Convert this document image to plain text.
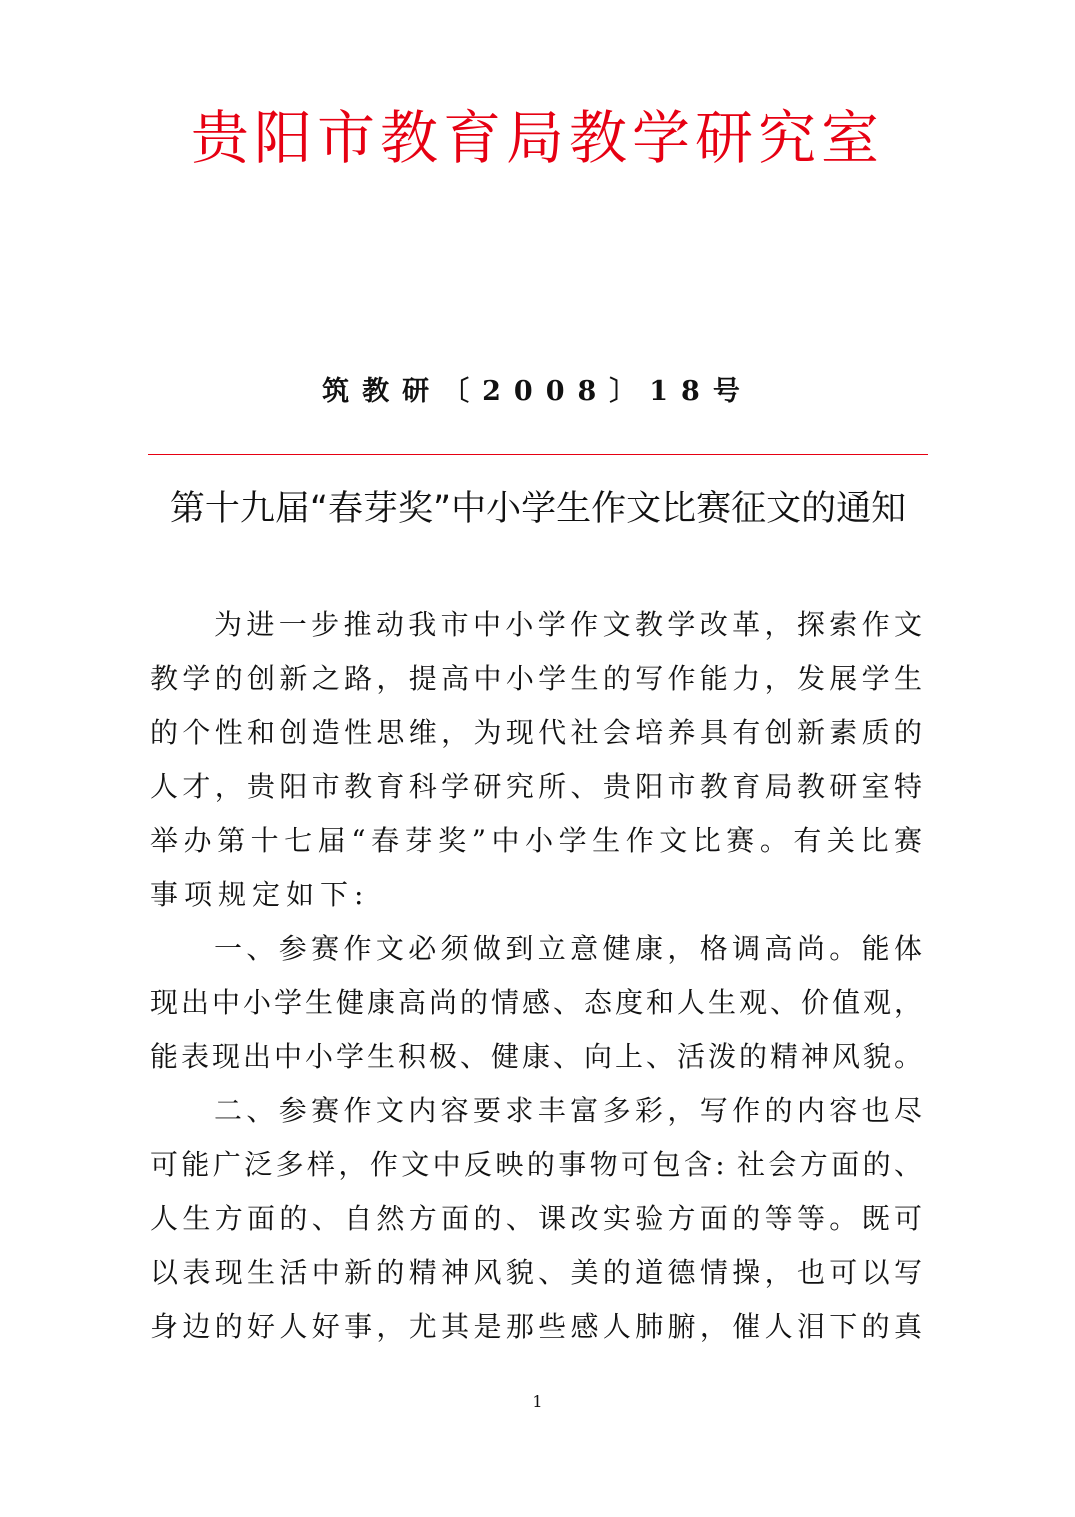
贵阳市教育局教学研究室
筑教研〔2008〕18号
第十九届“春芽奖”中小学生作文比赛征文的通知
为进一步推动我市中小学作文教学改革，探索作文
教学的创新之路，提高中小学生的写作能力，发展学生
的个性和创造性思维，为现代社会培养具有创新素质的
人才，贵阳市教育科学研究所、贵阳市教育局教研室特
举办第十七届“春芽奖”中小学生作文比赛。有关比赛
事项规定如下:
一、参赛作文必须做到立意健康，格调高尚。能体
现出中小学生健康高尚的情感、态度和人生观、价值观，
能表现出中小学生积极、健康、向上、活泼的精神风貌。
二、参赛作文内容要求丰富多彩，写作的内容也尽
可能广泛多样，作文中反映的事物可包含: 社会方面的、
人生方面的、自然方面的、课改实验方面的等等。既可
以表现生活中新的精神风貌、美的道德情操，也可以写
身边的好人好事，尤其是那些感人肺腑，催人泪下的真
1
